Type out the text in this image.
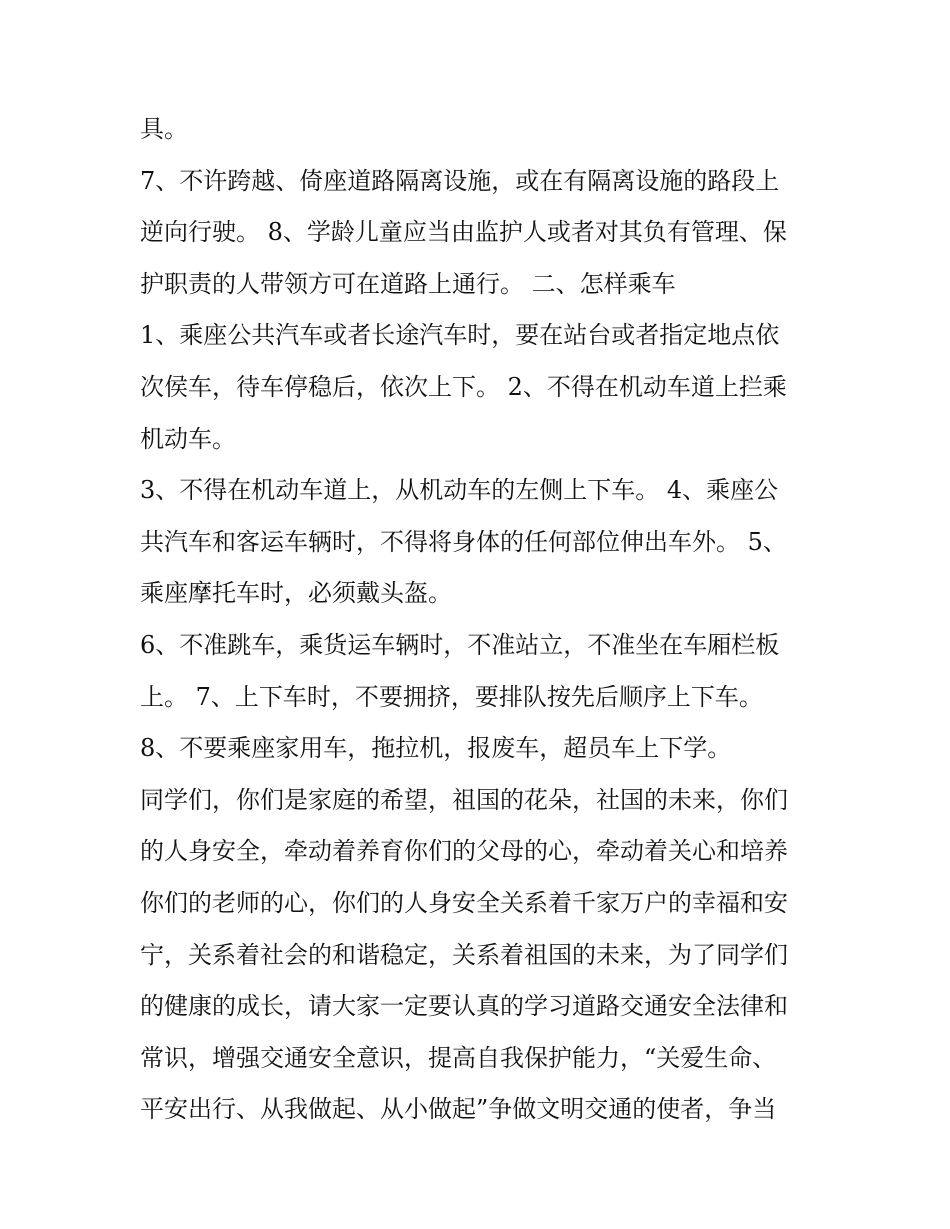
具。
7、不许跨越、倚座道路隔离设施，或在有隔离设施的路段上
逆向行驶。 8、学龄儿童应当由监护人或者对其负有管理、保
护职责的人带领方可在道路上通行。 二、怎样乘车
1、乘座公共汽车或者长途汽车时，要在站台或者指定地点依
次侯车，待车停稳后，依次上下。 2、不得在机动车道上拦乘
机动车。
3、不得在机动车道上，从机动车的左侧上下车。 4、乘座公
共汽车和客运车辆时，不得将身体的任何部位伸出车外。 5、
乘座摩托车时，必须戴头盔。
6、不准跳车，乘货运车辆时，不准站立，不准坐在车厢栏板
上。 7、上下车时，不要拥挤，要排队按先后顺序上下车。
8、不要乘座家用车，拖拉机，报废车，超员车上下学。
同学们，你们是家庭的希望，祖国的花朵，社国的未来，你们
的人身安全，牵动着养育你们的父母的心，牵动着关心和培养
你们的老师的心，你们的人身安全关系着千家万户的幸福和安
宁，关系着社会的和谐稳定，关系着祖国的未来，为了同学们
的健康的成长，请大家一定要认真的学习道路交通安全法律和
常识，增强交通安全意识，提高自我保护能力，“关爱生命、
平安出行、从我做起、从小做起”争做文明交通的使者，争当
